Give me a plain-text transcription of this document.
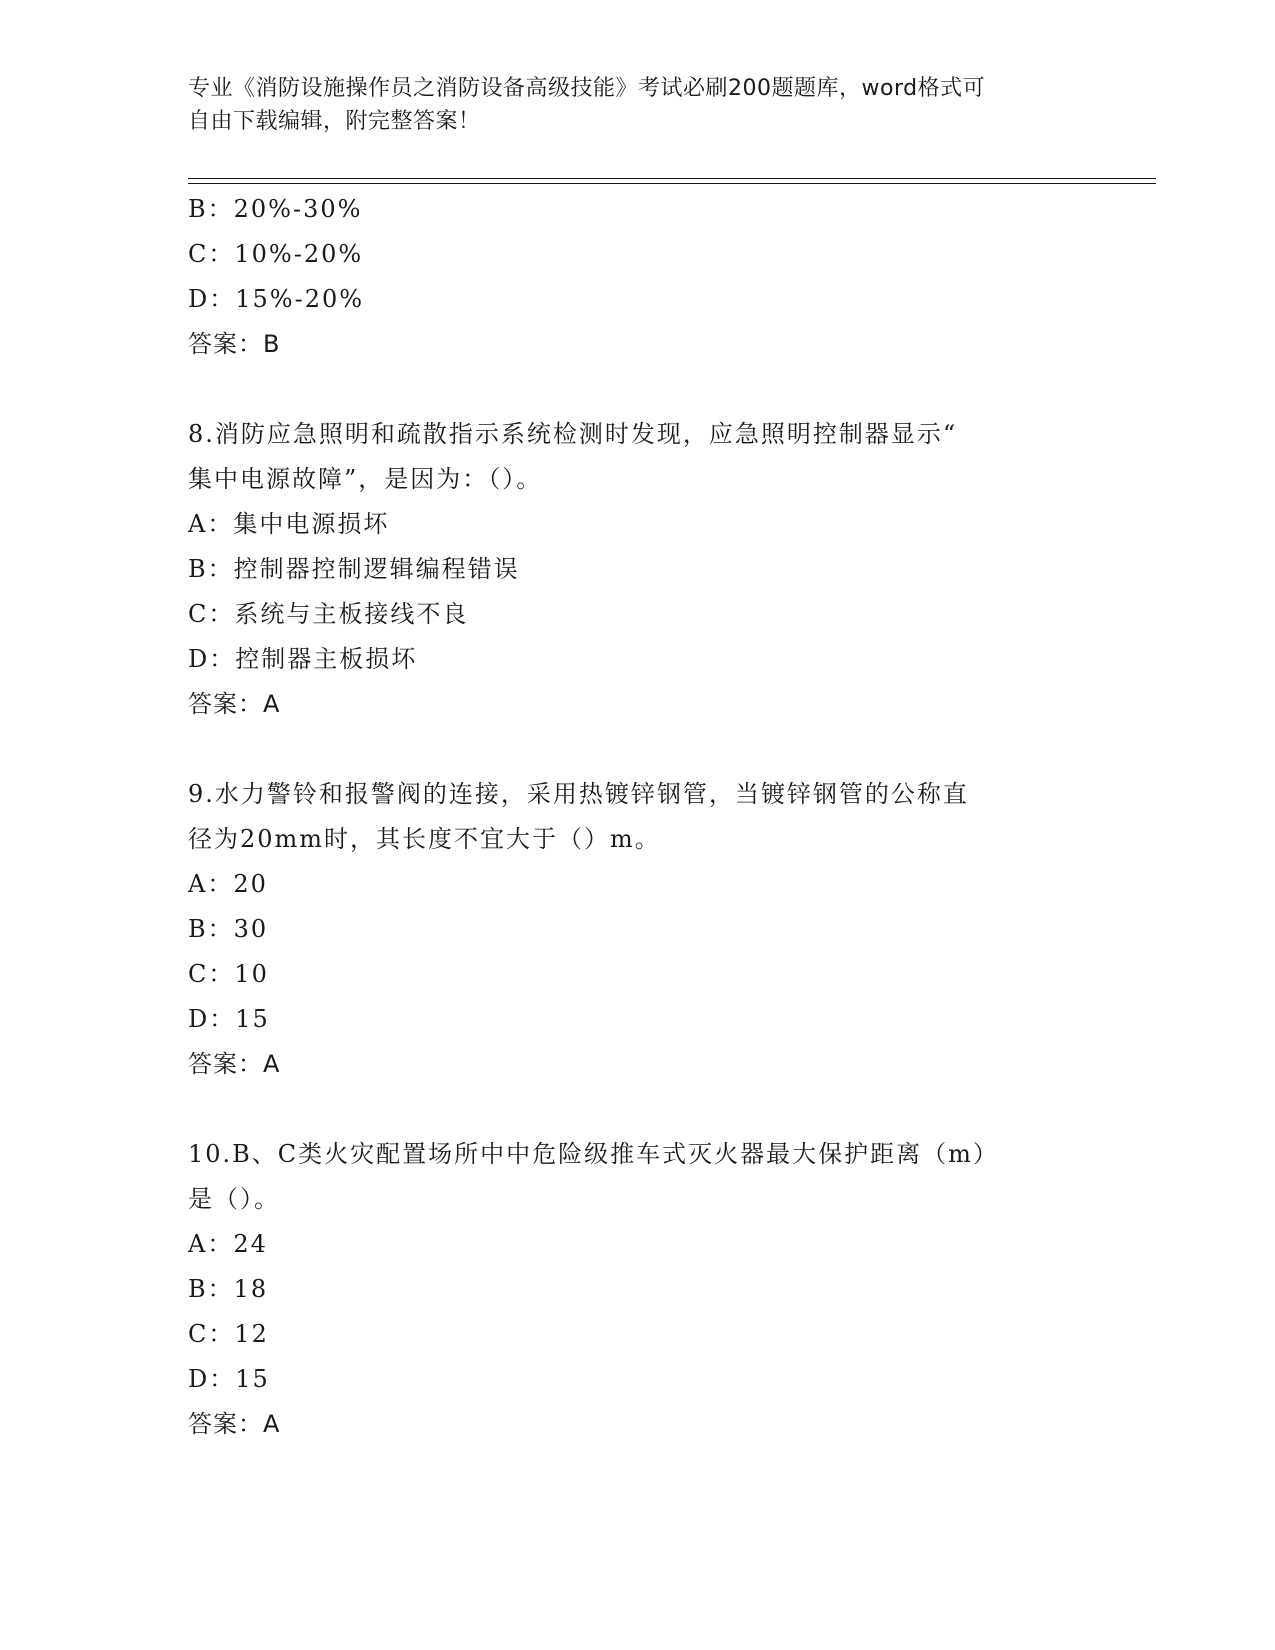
专业《消防设施操作员之消防设备高级技能》考试必刷200题题库，word格式可
自由下载编辑，附完整答案！
B：20%-30%
C：10%-20%
D：15%-20%
答案：B
8.消防应急照明和疏散指示系统检测时发现，应急照明控制器显示“
集中电源故障”，是因为：（）。
A：集中电源损坏
B：控制器控制逻辑编程错误
C：系统与主板接线不良
D：控制器主板损坏
答案：A
9.水力警铃和报警阀的连接，采用热镀锌钢管，当镀锌钢管的公称直
径为20mm时，其长度不宜大于（）m。
A：20
B：30
C：10
D：15
答案：A
10.B、C类火灾配置场所中中危险级推车式灭火器最大保护距离（m）
是（）。
A：24
B：18
C：12
D：15
答案：A
